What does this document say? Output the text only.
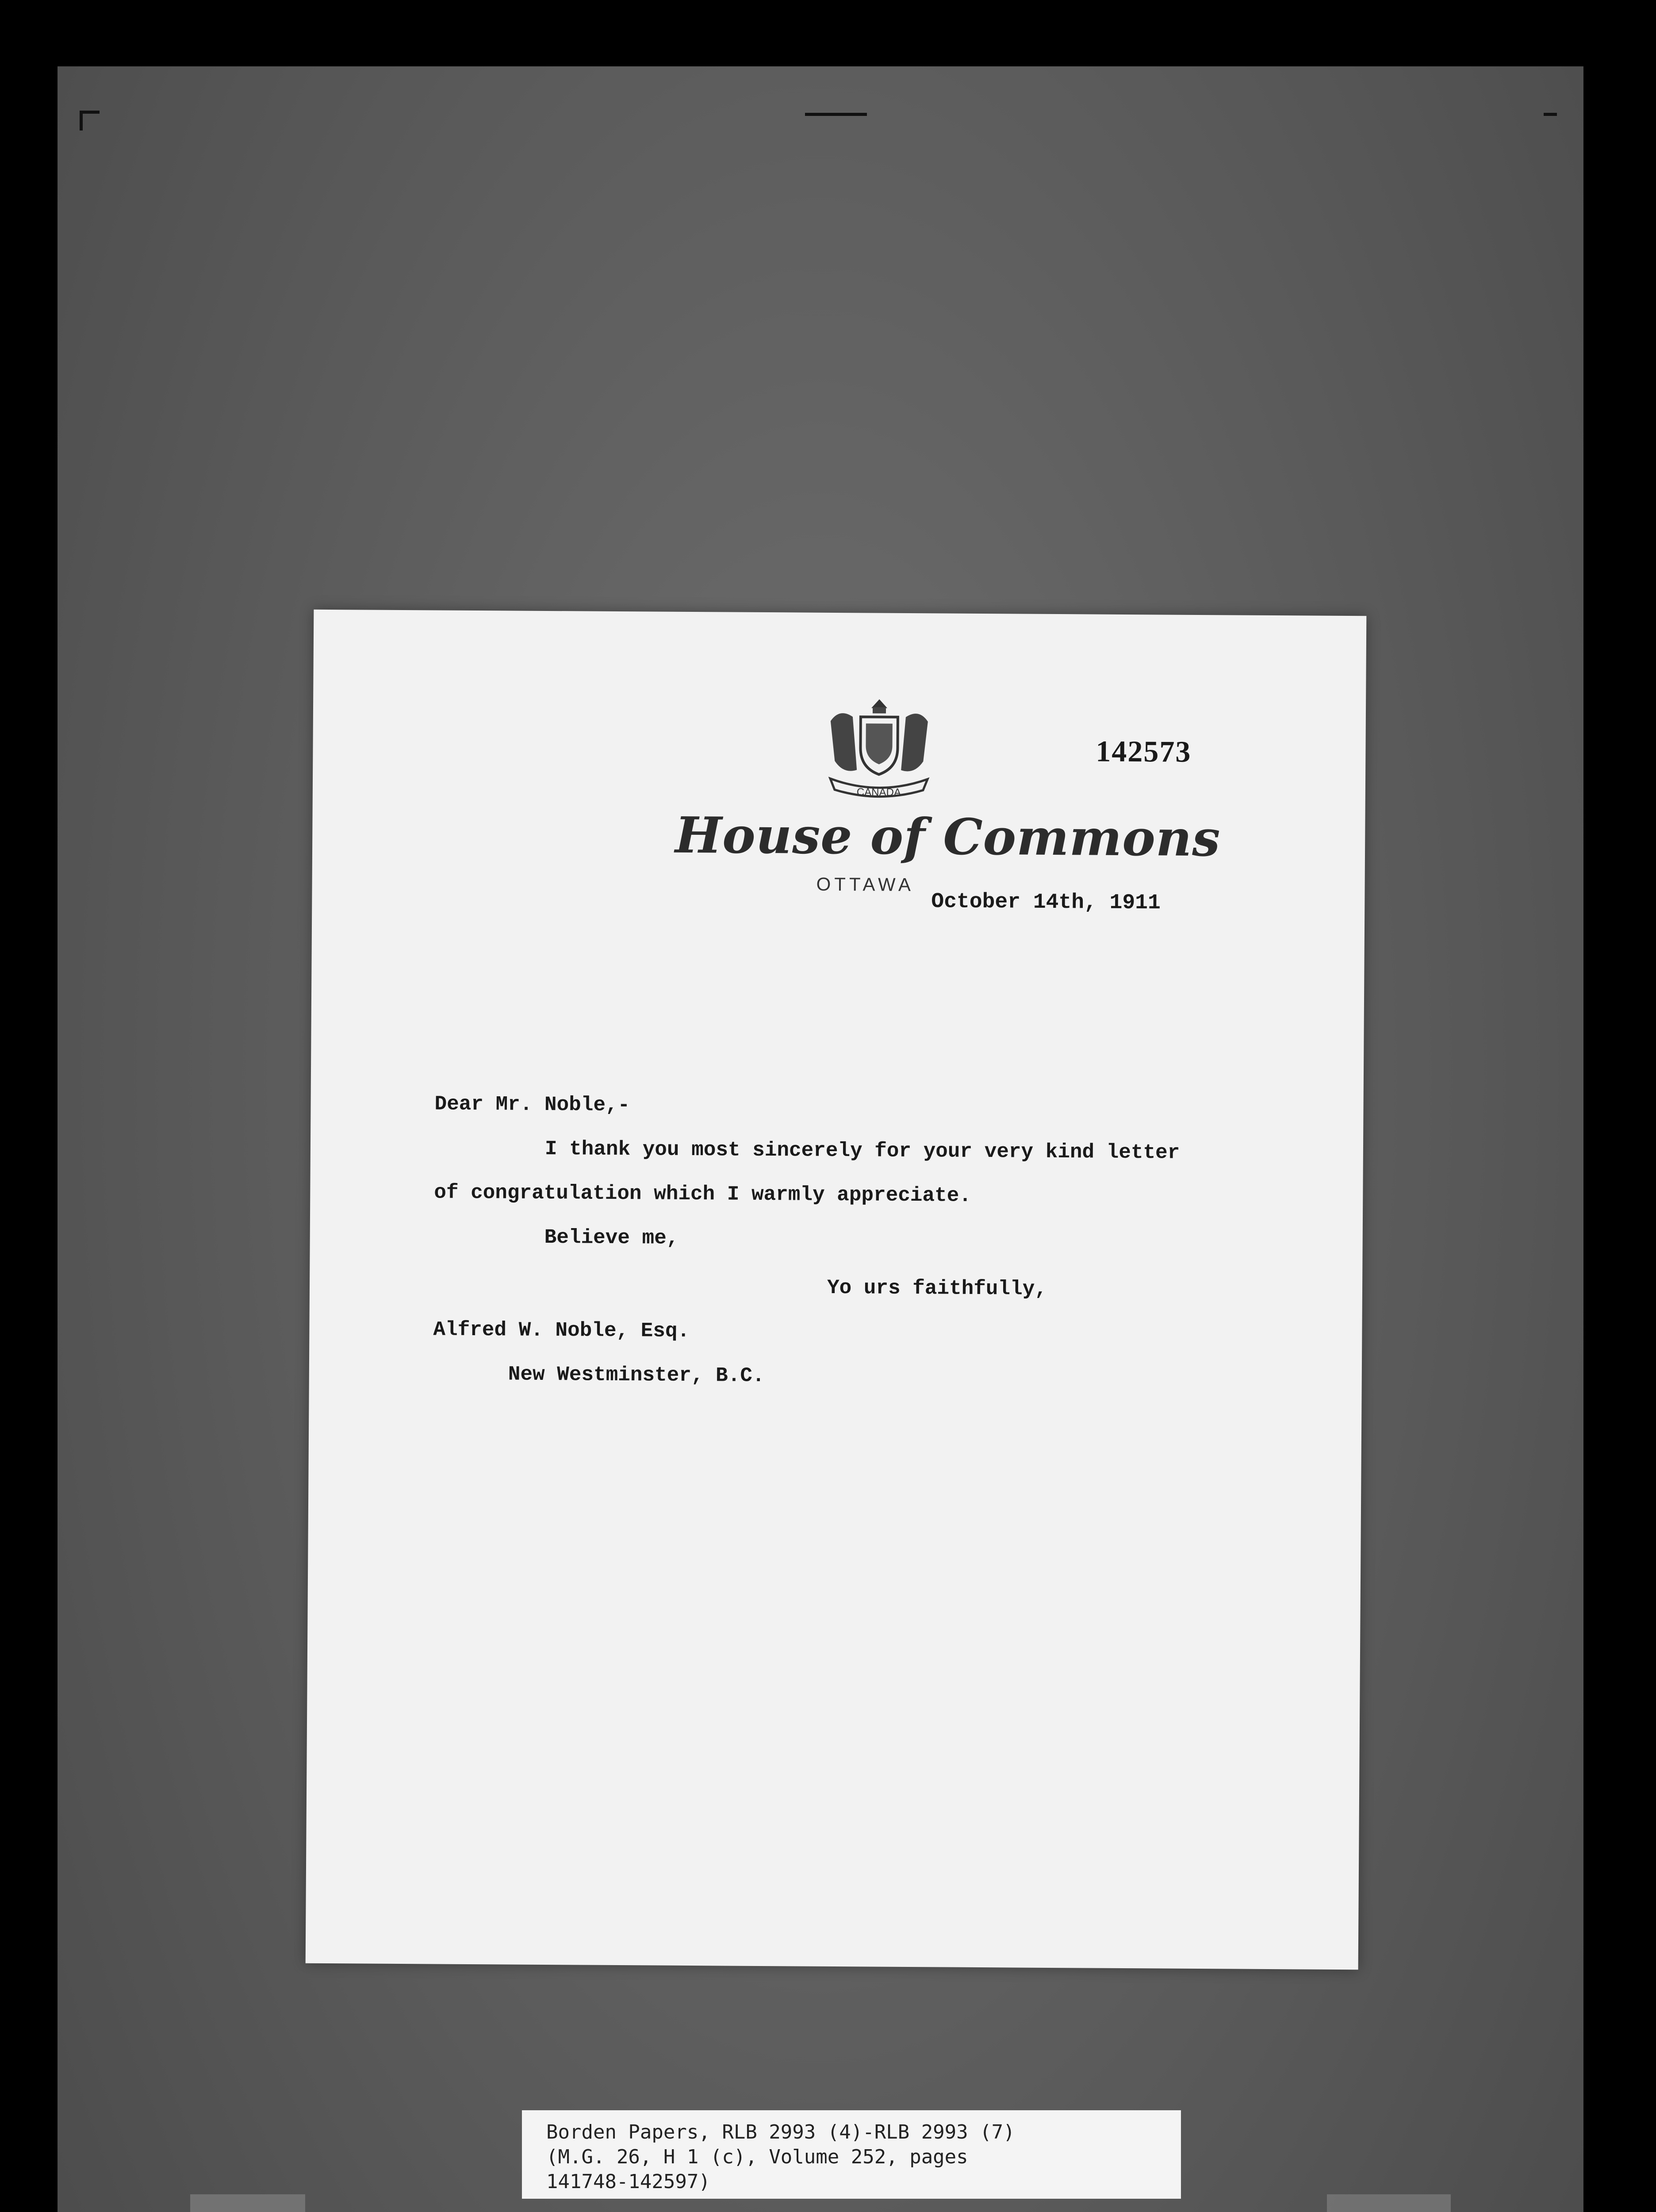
CANADA
142573
House of Commons
OTTAWA
October 14th, 1911
Dear Mr. Noble,-
I thank you most sincerely for your very kind letter
of congratulation which I warmly appreciate.
Believe me,
Yo urs faithfully,
Alfred W. Noble, Esq.
New Westminster, B.C.
Borden Papers, RLB 2993 (4)-RLB 2993 (7)
(M.G. 26, H 1 (c), Volume 252, pages
141748-142597)
